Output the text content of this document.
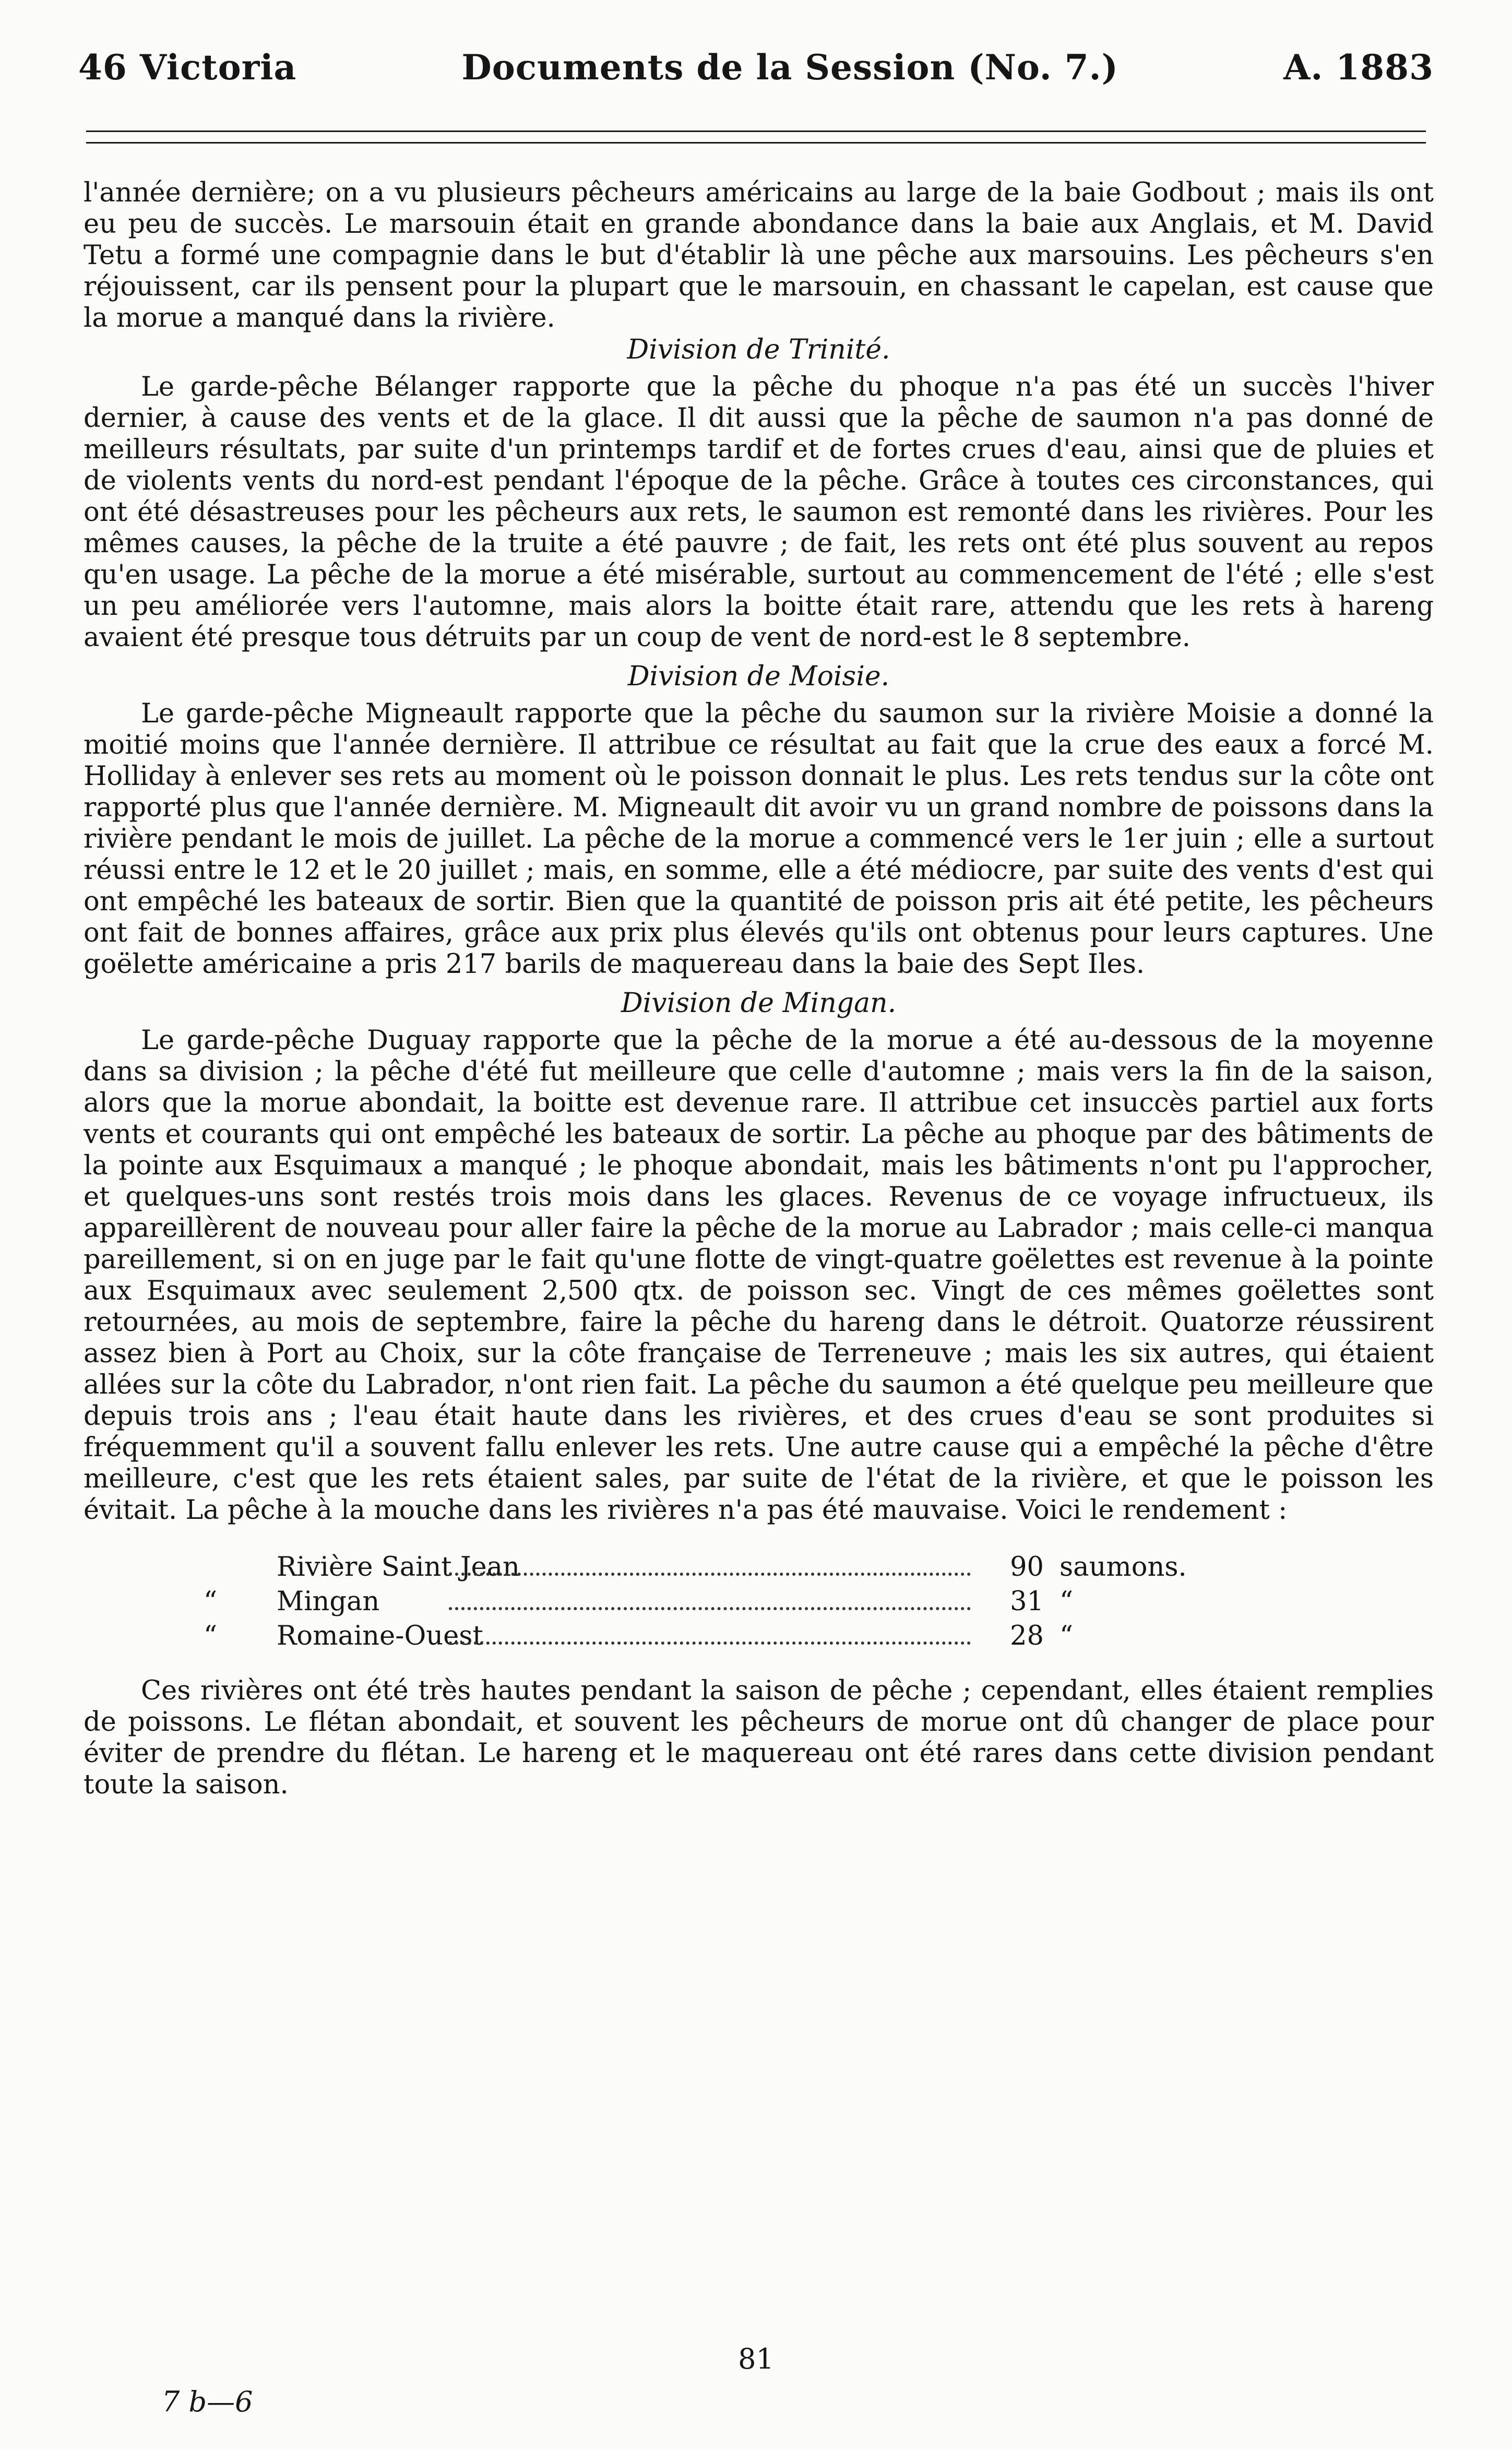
46 Victoria	Documents de la Session (No. 7.)	A. 1883

l'année dernière; on a vu plusieurs pêcheurs américains au large de la baie Godbout ; mais ils ont eu peu de succès. Le marsouin était en grande abondance dans la baie aux Anglais, et M. David Tetu a formé une compagnie dans le but d'établir là une pêche aux marsouins. Les pêcheurs s'en réjouissent, car ils pensent pour la plupart que le marsouin, en chassant le capelan, est cause que la morue a manqué dans la rivière.

Division de Trinité.

Le garde-pêche Bélanger rapporte que la pêche du phoque n'a pas été un succès l'hiver dernier, à cause des vents et de la glace. Il dit aussi que la pêche de saumon n'a pas donné de meilleurs résultats, par suite d'un printemps tardif et de fortes crues d'eau, ainsi que de pluies et de violents vents du nord-est pendant l'époque de la pêche. Grâce à toutes ces circonstances, qui ont été désastreuses pour les pêcheurs aux rets, le saumon est remonté dans les rivières. Pour les mêmes causes, la pêche de la truite a été pauvre ; de fait, les rets ont été plus souvent au repos qu'en usage. La pêche de la morue a été misérable, surtout au commencement de l'été ; elle s'est un peu améliorée vers l'automne, mais alors la boitte était rare, attendu que les rets à hareng avaient été presque tous détruits par un coup de vent de nord-est le 8 septembre.

Division de Moisie.

Le garde-pêche Migneault rapporte que la pêche du saumon sur la rivière Moisie a donné la moitié moins que l'année dernière. Il attribue ce résultat au fait que la crue des eaux a forcé M. Holliday à enlever ses rets au moment où le poisson donnait le plus. Les rets tendus sur la côte ont rapporté plus que l'année dernière. M. Migneault dit avoir vu un grand nombre de poissons dans la rivière pendant le mois de juillet. La pêche de la morue a commencé vers le 1er juin ; elle a surtout réussi entre le 12 et le 20 juillet ; mais, en somme, elle a été médiocre, par suite des vents d'est qui ont empêché les bateaux de sortir. Bien que la quantité de poisson pris ait été petite, les pêcheurs ont fait de bonnes affaires, grâce aux prix plus élevés qu'ils ont obtenus pour leurs captures. Une goëlette américaine a pris 217 barils de maquereau dans la baie des Sept Iles.

Division de Mingan.

Le garde-pêche Duguay rapporte que la pêche de la morue a été au-dessous de la moyenne dans sa division ; la pêche d'été fut meilleure que celle d'automne ; mais vers la fin de la saison, alors que la morue abondait, la boitte est devenue rare. Il attribue cet insuccès partiel aux forts vents et courants qui ont empêché les bateaux de sortir. La pêche au phoque par des bâtiments de la pointe aux Esquimaux a manqué ; le phoque abondait, mais les bâtiments n'ont pu l'approcher, et quelques-uns sont restés trois mois dans les glaces. Revenus de ce voyage infructueux, ils appareillèrent de nouveau pour aller faire la pêche de la morue au Labrador ; mais celle-ci manqua pareillement, si on en juge par le fait qu'une flotte de vingt-quatre goëlettes est revenue à la pointe aux Esquimaux avec seulement 2,500 qtx. de poisson sec. Vingt de ces mêmes goëlettes sont retournées, au mois de septembre, faire la pêche du hareng dans le détroit. Quatorze réussirent assez bien à Port au Choix, sur la côte française de Terreneuve ; mais les six autres, qui étaient allées sur la côte du Labrador, n'ont rien fait. La pêche du saumon a été quelque peu meilleure que depuis trois ans ; l'eau était haute dans les rivières, et des crues d'eau se sont produites si fréquemment qu'il a souvent fallu enlever les rets. Une autre cause qui a empêché la pêche d'être meilleure, c'est que les rets étaient sales, par suite de l'état de la rivière, et que le poisson les évitait. La pêche à la mouche dans les rivières n'a pas été mauvaise. Voici le rendement :

Rivière Saint Jean	90 saumons.
“ Mingan	31 “
“ Romaine-Ouest	28 “

Ces rivières ont été très hautes pendant la saison de pêche ; cependant, elles étaient remplies de poissons. Le flétan abondait, et souvent les pêcheurs de morue ont dû changer de place pour éviter de prendre du flétan. Le hareng et le maquereau ont été rares dans cette division pendant toute la saison.

81
7 b—6
